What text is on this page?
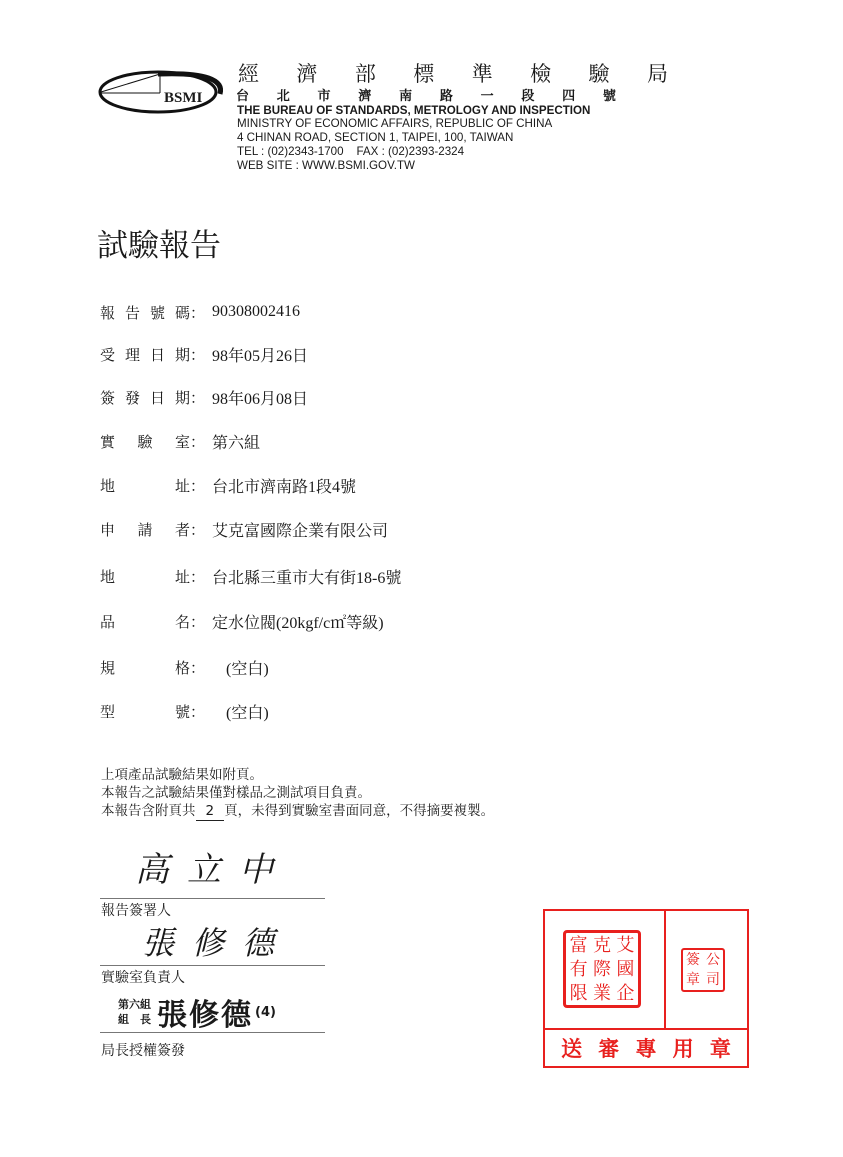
BSMI
經 濟 部 標 準 檢 驗 局
台 北 市 濟 南 路 一 段 四 號
THE BUREAU OF STANDARDS, METROLOGY AND INSPECTION
MINISTRY OF ECONOMIC AFFAIRS, REPUBLIC OF CHINA
4 CHINAN ROAD, SECTION 1, TAIPEI, 100, TAIWAN
TEL : (02)2343-1700    FAX : (02)2393-2324
WEB SITE : WWW.BSMI.GOV.TW
試驗報告
報 告 號 碼 ： 90308002416
受 理 日 期 ： 98年05月26日
簽 發 日 期 ： 98年06月08日
實 驗 室 ： 第六組
地	址 ： 台北市濟南路1段4號
申 請 者 ： 艾克富國際企業有限公司
地	址 ： 台北縣三重市大有街18-6號
品	名 ： 定水位閥(20kgf/c㎡等級)
規	格 ：	(空白)
型	號 ：	(空白)
上項產品試驗結果如附頁。
本報告之試驗結果僅對樣品之測試項目負責。
本報告含附頁共 2 頁，未得到實驗室書面同意，不得摘要複製。
高立中
報告簽署人
張修德
實驗室負責人
第六組
組　長 張修德 (4)
局長授權簽發
富 克 艾
有 際 國
限 業 企
簽 公
章 司
送 審 專 用 章
